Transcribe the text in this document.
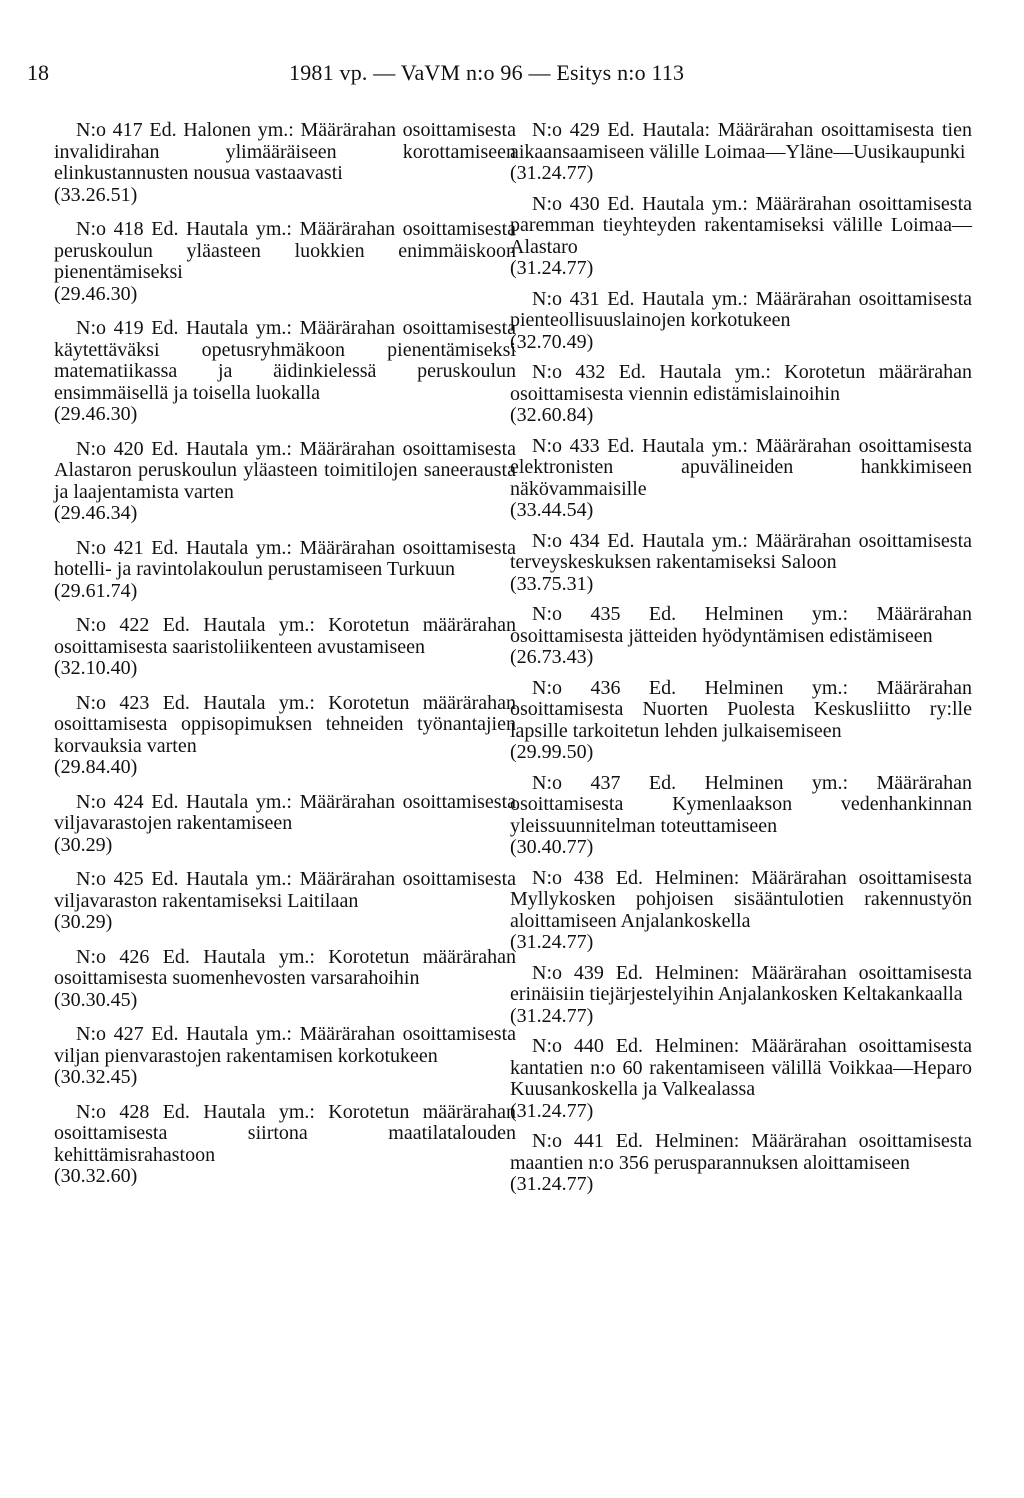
18	1981 vp. — VaVM n:o 96 — Esitys n:o 113
N:o 417 Ed. Halonen ym.: Määrärahan osoittamisesta invalidirahan ylimääräiseen korottamiseen elinkustannusten nousua vastaavasti
(33.26.51)
N:o 418 Ed. Hautala ym.: Määrärahan osoittamisesta peruskoulun yläasteen luokkien enimmäiskoon pienentämiseksi
(29.46.30)
N:o 419 Ed. Hautala ym.: Määrärahan osoittamisesta käytettäväksi opetusryhmäkoon pienentämiseksi matematiikassa ja äidinkielessä peruskoulun ensimmäisellä ja toisella luokalla
(29.46.30)
N:o 420 Ed. Hautala ym.: Määrärahan osoittamisesta Alastaron peruskoulun yläasteen toimitilojen saneerausta ja laajentamista varten
(29.46.34)
N:o 421 Ed. Hautala ym.: Määrärahan osoittamisesta hotelli- ja ravintolakoulun perustamiseen Turkuun
(29.61.74)
N:o 422 Ed. Hautala ym.: Korotetun määrärahan osoittamisesta saaristoliikenteen avustamiseen
(32.10.40)
N:o 423 Ed. Hautala ym.: Korotetun määrärahan osoittamisesta oppisopimuksen tehneiden työnantajien korvauksia varten
(29.84.40)
N:o 424 Ed. Hautala ym.: Määrärahan osoittamisesta viljavarastojen rakentamiseen
(30.29)
N:o 425 Ed. Hautala ym.: Määrärahan osoittamisesta viljavaraston rakentamiseksi Laitilaan
(30.29)
N:o 426 Ed. Hautala ym.: Korotetun määrärahan osoittamisesta suomenhevosten varsarahoihin
(30.30.45)
N:o 427 Ed. Hautala ym.: Määrärahan osoittamisesta viljan pienvarastojen rakentamisen korkotukeen
(30.32.45)
N:o 428 Ed. Hautala ym.: Korotetun määrärahan osoittamisesta siirtona maatilatalouden kehittämisrahastoon
(30.32.60)
N:o 429 Ed. Hautala: Määrärahan osoittamisesta tien aikaansaamiseen välille Loimaa—Yläne—Uusikaupunki
(31.24.77)
N:o 430 Ed. Hautala ym.: Määrärahan osoittamisesta paremman tieyhteyden rakentamiseksi välille Loimaa—Alastaro
(31.24.77)
N:o 431 Ed. Hautala ym.: Määrärahan osoittamisesta pienteollisuuslainojen korkotukeen
(32.70.49)
N:o 432 Ed. Hautala ym.: Korotetun määrärahan osoittamisesta viennin edistämislainoihin
(32.60.84)
N:o 433 Ed. Hautala ym.: Määrärahan osoittamisesta elektronisten apuvälineiden hankkimiseen näkövammaisille
(33.44.54)
N:o 434 Ed. Hautala ym.: Määrärahan osoittamisesta terveyskeskuksen rakentamiseksi Saloon
(33.75.31)
N:o 435 Ed. Helminen ym.: Määrärahan osoittamisesta jätteiden hyödyntämisen edistämiseen
(26.73.43)
N:o 436 Ed. Helminen ym.: Määrärahan osoittamisesta Nuorten Puolesta Keskusliitto ry:lle lapsille tarkoitetun lehden julkaisemiseen
(29.99.50)
N:o 437 Ed. Helminen ym.: Määrärahan osoittamisesta Kymenlaakson vedenhankinnan yleissuunnitelman toteuttamiseen
(30.40.77)
N:o 438 Ed. Helminen: Määrärahan osoittamisesta Myllykosken pohjoisen sisääntulotien rakennustyön aloittamiseen Anjalankoskella
(31.24.77)
N:o 439 Ed. Helminen: Määrärahan osoittamisesta erinäisiin tiejärjestelyihin Anjalankosken Keltakankaalla
(31.24.77)
N:o 440 Ed. Helminen: Määrärahan osoittamisesta kantatien n:o 60 rakentamiseen välillä Voikkaa—Heparo Kuusankoskella ja Valkealassa
(31.24.77)
N:o 441 Ed. Helminen: Määrärahan osoittamisesta maantien n:o 356 perusparannuksen aloittamiseen
(31.24.77)
